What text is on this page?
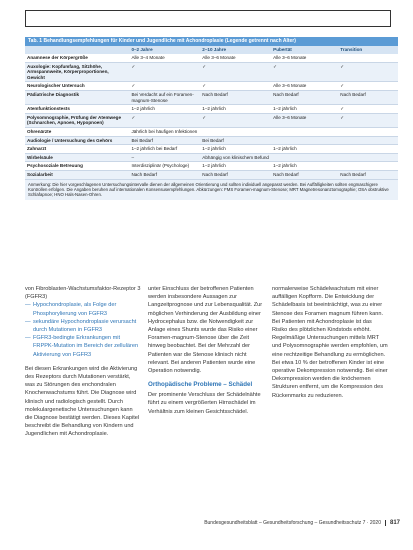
Tab. 1 Behandlungsempfehlungen für Kinder und Jugendliche mit Achondroplasie (Legende getrennt nach Alter)
	0–2 Jahre	2–10 Jahre	Pubertät	Transition
Anamnese der Körpergröße	Alle 3–4 Monate	Alle 3–6 Monate	Alle 3–6 Monate	
Auxologie: Kopfumfang, Sitzhöhe, Armspannweite, Körperproportionen, Gewicht	✓	✓	✓	✓
Neurologischer Untersuch	✓	✓	Alle 3–6 Monate	✓
Pädiatrische Diagnostik	Bei Verdacht auf ein Foramen-magnum-Stenose	Nach Bedarf	Nach Bedarf	Nach Bedarf
Atemfunktionstests	1–2 jährlich	1–2 jährlich	1–2 jährlich	✓
Polysomnographie, Prüfung der Atemwege (Schnarchen, Apnoen, Hypopnoen)	✓	✓	Alle 3–6 Monate	✓
Ohrenärzte	Jährlich bei häufigen Infektionen			
Audiologie / Untersuchung des Gehörs	Bei Bedarf	Bei Bedarf		
Zahnarzt	1–2 jährlich bei Bedarf	1–2 jährlich	1–2 jährlich	
Wirbelsäule	–	Abhängig von klinischem Befund		
Psychosoziale Betreuung	Interdisziplinär (Psychologe)	1–2 jährlich	1–2 jährlich	
Sozialarbeit	Nach Bedarf	Nach Bedarf	Nach Bedarf	Nach Bedarf
Anmerkung: Die hier vorgeschlagenen Untersuchungsintervalle dienen der allgemeinen Orientierung und sollten individuell angepasst werden. Bei Auffälligkeiten sollten engmaschigere Kontrollen erfolgen. Die Angaben beruhen auf internationalen Konsensusempfehlungen. Abkürzungen: FMS Foramen-magnum-Stenose; MRT Magnetresonanztomographie; OSA obstruktive Schlafapnoe; HNO Hals-Nasen-Ohren.

von Fibroblasten-Wachstumsfaktor-Rezeptor 3 (FGFR3)

— Hypochondroplasie, als Folge der Phosphorylierung von FGFR3
— sekundäre Hypochondroplasie verursacht durch Mutationen in FGFR3
— FGFR3-bedingte Erkrankungen mit FRPPK-Mutation im Bereich der zellulären Aktivierung von FGFR3

Bei diesen Erkrankungen wird die Aktivierung des Rezeptors durch Mutationen verstärkt, was zu Störungen des enchondralen Knochenwachstums führt. Die Diagnose wird klinisch und radiologisch gestellt. Durch molekulargenetische Untersuchungen kann die Diagnose bestätigt werden. Dieses Kapitel beschreibt die Behandlung von Kindern und Jugendlichen mit Achondroplasie.

unter Einschluss der betroffenen Patienten werden insbesondere Aussagen zur Langzeitprognose und zur Lebensqualität. Zur möglichen Verhinderung der Ausbildung einer Hydrocephalus bzw. die Notwendigkeit zur Anlage eines Shunts wurde das Risiko einer Foramen-magnum-Stenose über die Zeit hinweg beobachtet. Bei der Mehrzahl der Patienten war die Stenose klinisch nicht relevant. Bei anderen Patienten wurde eine Operation notwendig.

Orthopädische Probleme – Schädel

Der prominente Verschluss der Schädelnähte führt zu einem vergrößerten Hirnschädel im Verhältnis zum kleinen Gesichtsschädel.

normalerweise Schädelwachstum mit einer auffälligen Kopfform. Die Entwicklung der Schädelbasis ist beeinträchtigt, was zu einer Stenose des Foramen magnum führen kann. Bei Patienten mit Achondroplasie ist das Risiko des plötzlichen Kindstods erhöht. Regelmäßige Untersuchungen mittels MRT und Polysomnographie werden empfohlen, um eine rechtzeitige Behandlung zu ermöglichen. Bei etwa 10 % der betroffenen Kinder ist eine operative Dekompression notwendig. Bei einer Dekompression werden die knöchernen Strukturen entfernt, um die Kompression des Rückenmarks zu reduzieren.

Bundesgesundheitsblatt – Gesundheitsforschung – Gesundheitsschutz 7 · 2020 817
